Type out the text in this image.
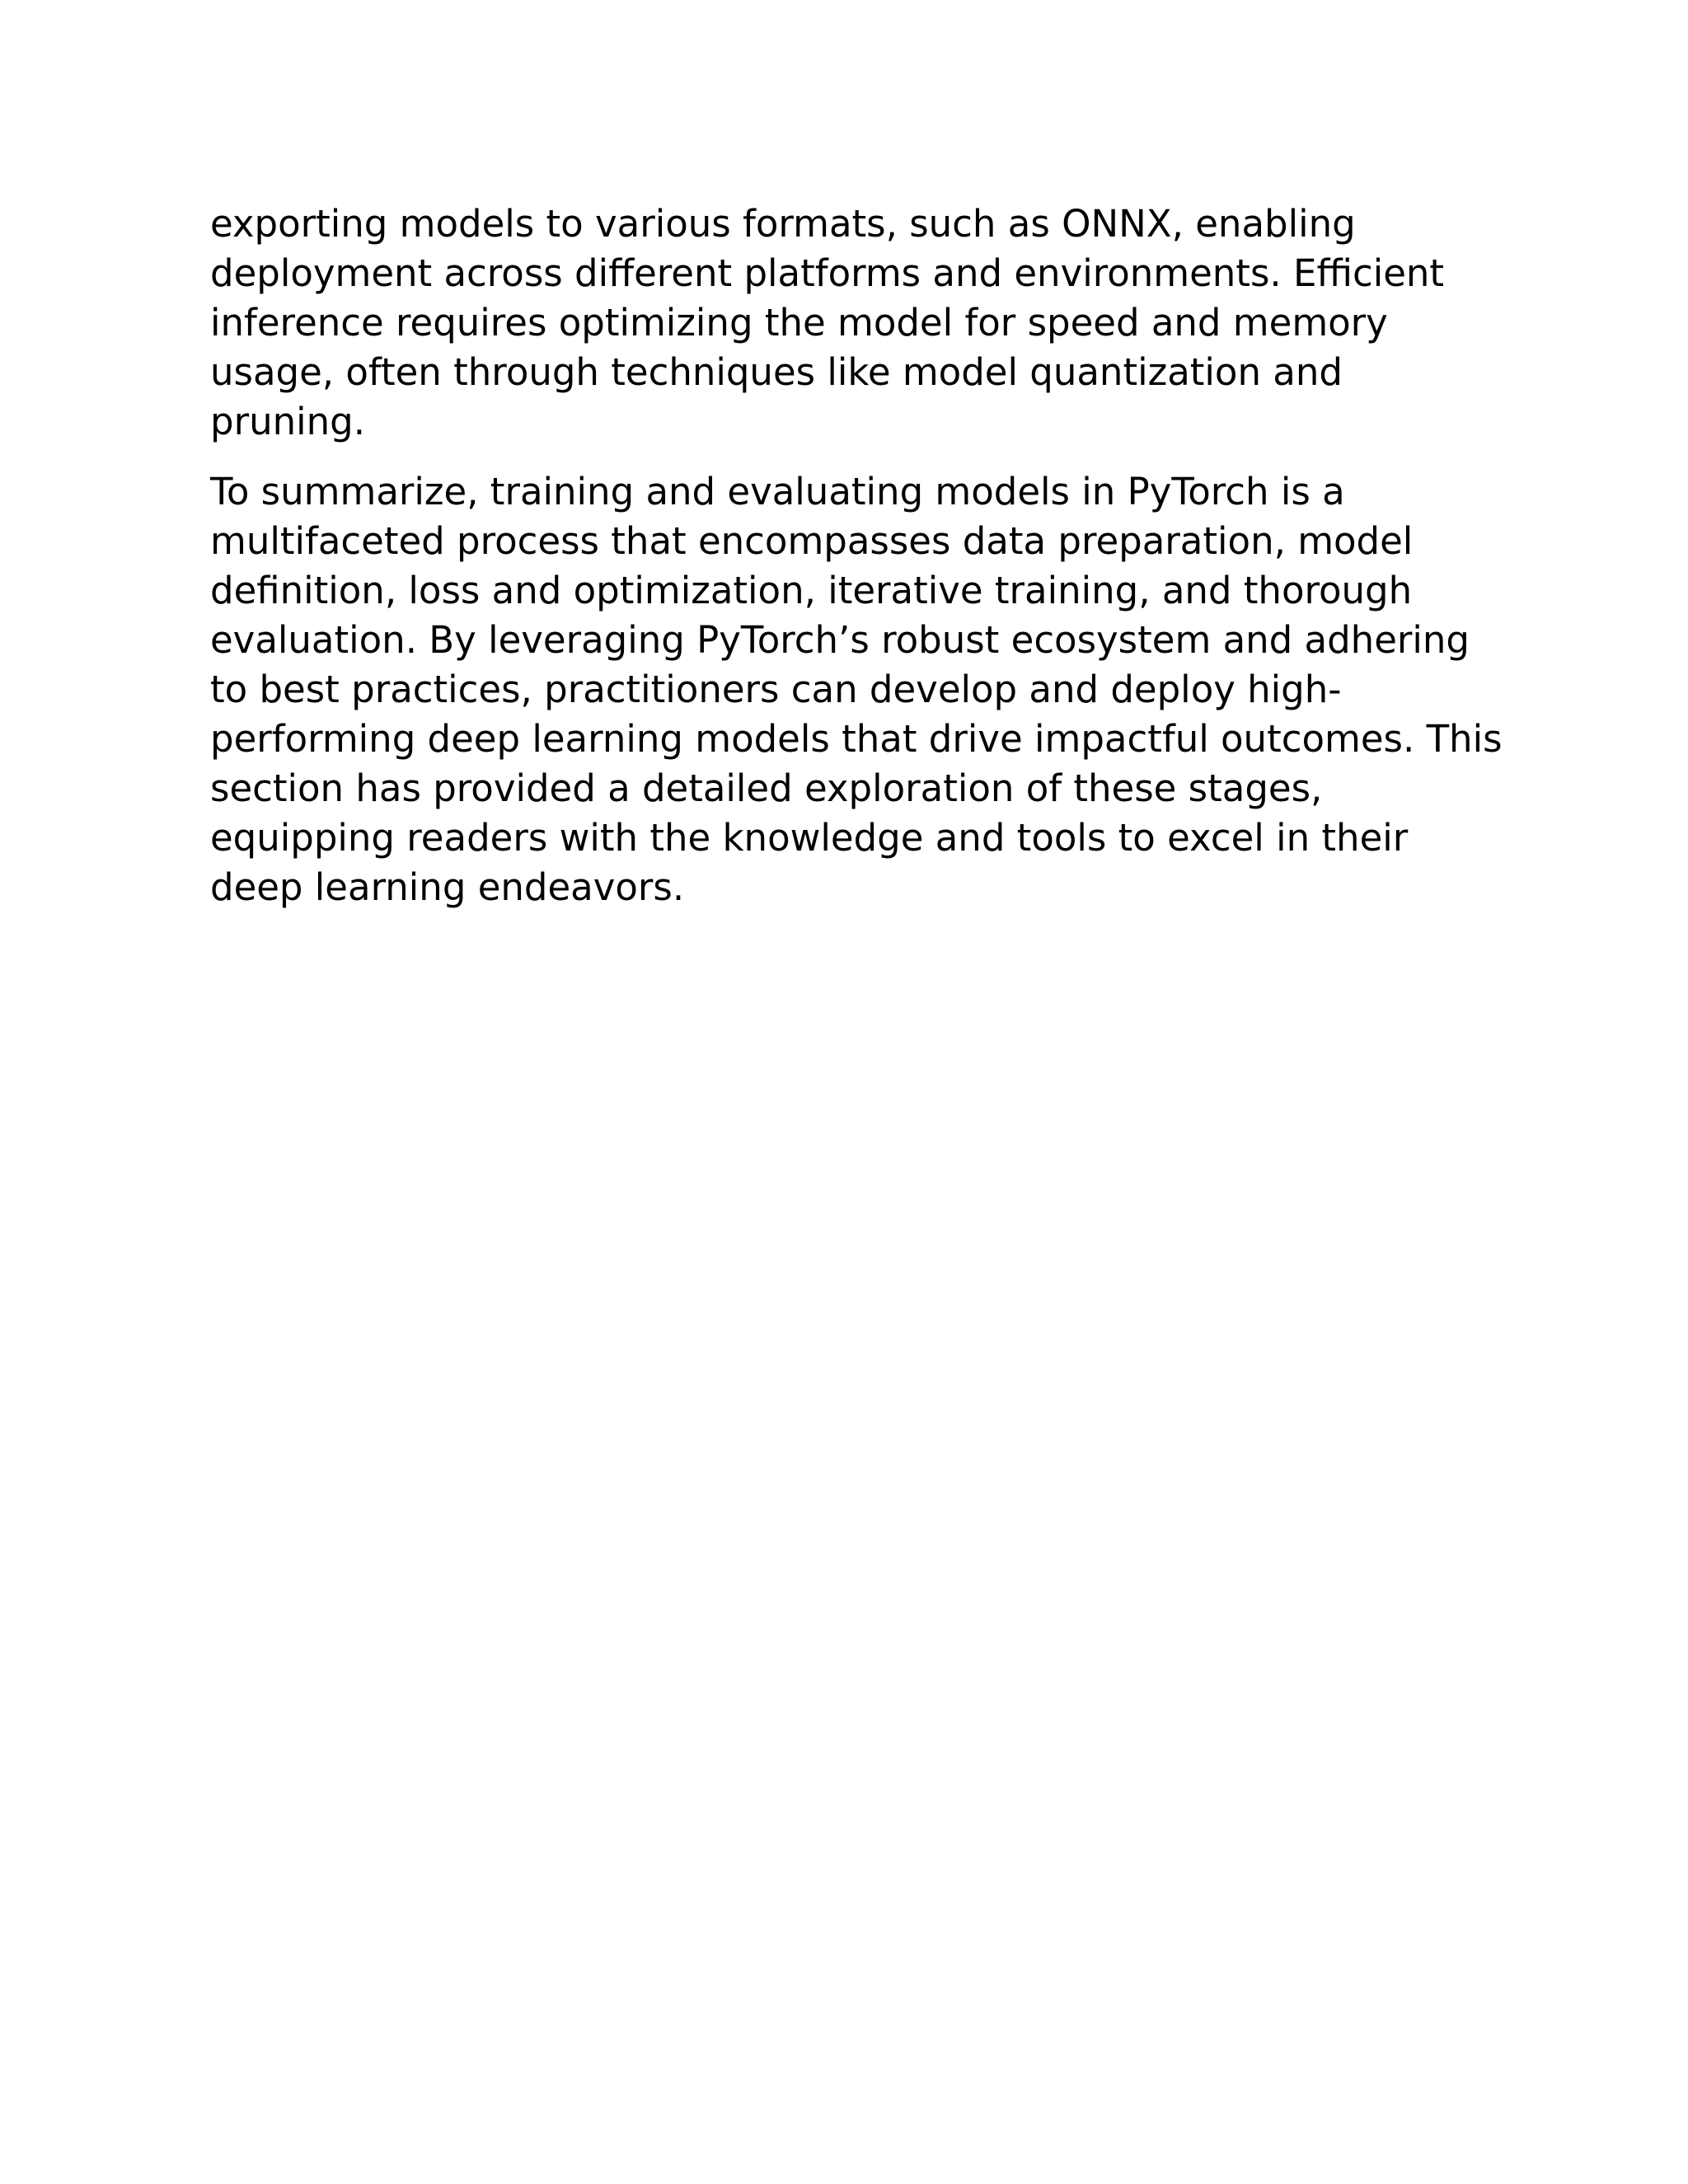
exporting models to various formats, such as ONNX, enabling
deployment across different platforms and environments. Efficient
inference requires optimizing the model for speed and memory
usage, often through techniques like model quantization and
pruning.

To summarize, training and evaluating models in PyTorch is a
multifaceted process that encompasses data preparation, model
definition, loss and optimization, iterative training, and thorough
evaluation. By leveraging PyTorch’s robust ecosystem and adhering
to best practices, practitioners can develop and deploy high-
performing deep learning models that drive impactful outcomes. This
section has provided a detailed exploration of these stages,
equipping readers with the knowledge and tools to excel in their
deep learning endeavors.
